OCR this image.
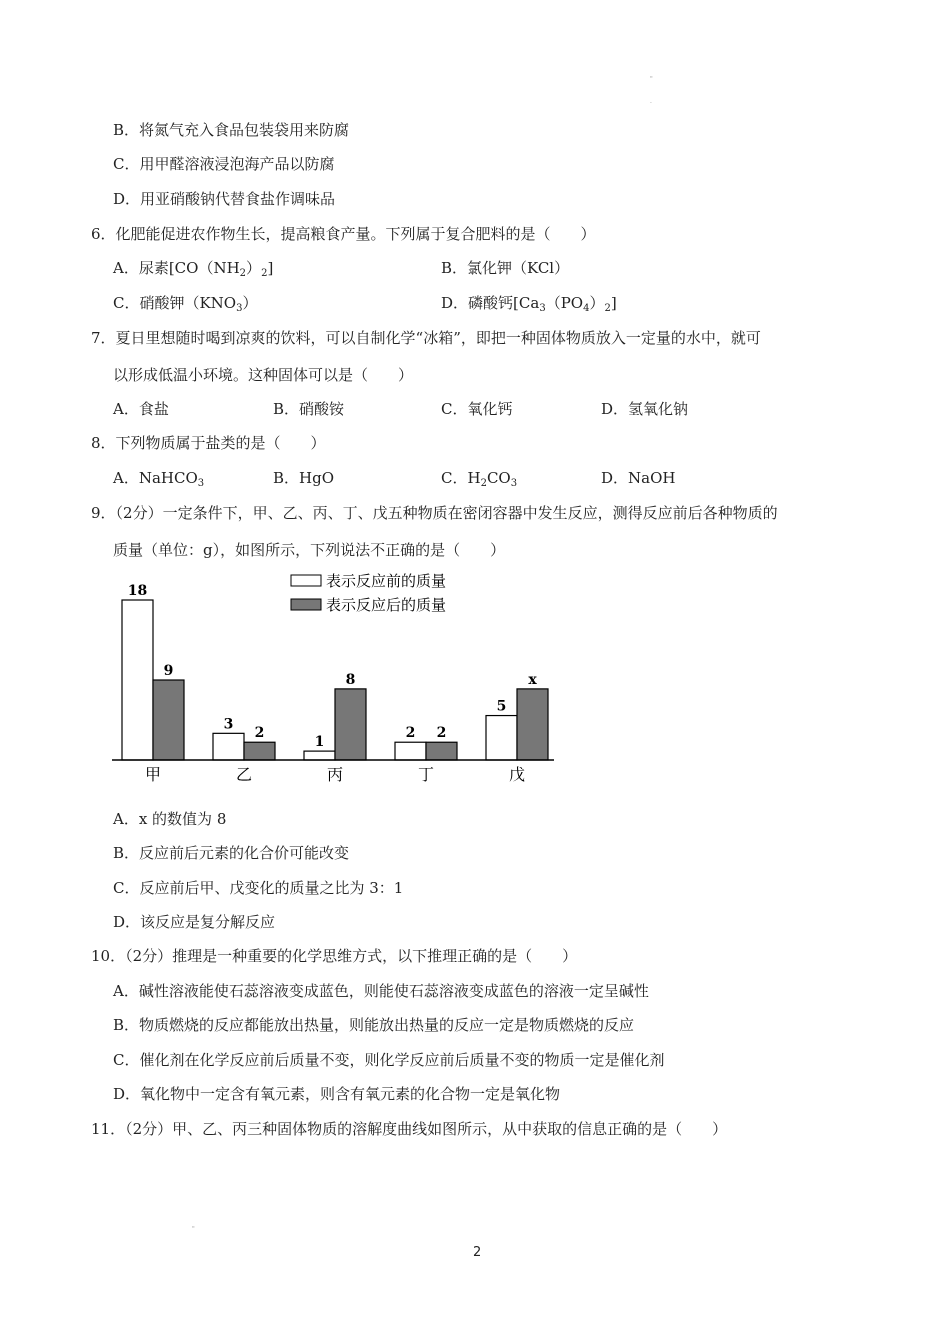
"
.
B．将氮气充入食品包装袋用来防腐
C．用甲醛溶液浸泡海产品以防腐
D．用亚硝酸钠代替食盐作调味品
6．化肥能促进农作物生长，提高粮食产量。下列属于复合肥料的是（　　）
A．尿素$[CO(NH_2)_2]$	B．氯化钾（KCl）
C．硝酸钾$(KNO_3)$	D．磷酸钙$[Ca_3(PO_4)_2]$
7．夏日里想随时喝到凉爽的饮料，可以自制化学“冰箱”，即把一种固体物质放入一定量的水中，就可
以形成低温小环境。这种固体可以是（　　）
A．食盐	B．硝酸铵	C．氧化钙	D．氢氧化钠
8．下列物质属于盐类的是（　　）
A．NaHCO$_3$	B．HgO	C．$H_2CO_3$	D．NaOH
9．（2分）一定条件下，甲、乙、丙、丁、戊五种物质在密闭容器中发生反应，测得反应前后各种物质的
质量（单位：g），如图所示，下列说法不正确的是（　　）
表示反应前的质量
表示反应后的质量
18
9
甲
3
2
乙
1
8
丙
2 2
丁
5
x
戊
A．x 的数值为 8
B．反应前后元素的化合价可能改变
C．反应前后甲、戊变化的质量之比为 3：1
D．该反应是复分解反应
10．（2分）推理是一种重要的化学思维方式，以下推理正确的是（　　）
A．碱性溶液能使石蕊溶液变成蓝色，则能使石蕊溶液变成蓝色的溶液一定呈碱性
B．物质燃烧的反应都能放出热量，则能放出热量的反应一定是物质燃烧的反应
C．催化剂在化学反应前后质量不变，则化学反应前后质量不变的物质一定是催化剂
D．氧化物中一定含有氧元素，则含有氧元素的化合物一定是氧化物
11．（2分）甲、乙、丙三种固体物质的溶解度曲线如图所示，从中获取的信息正确的是（　　）
"
2
